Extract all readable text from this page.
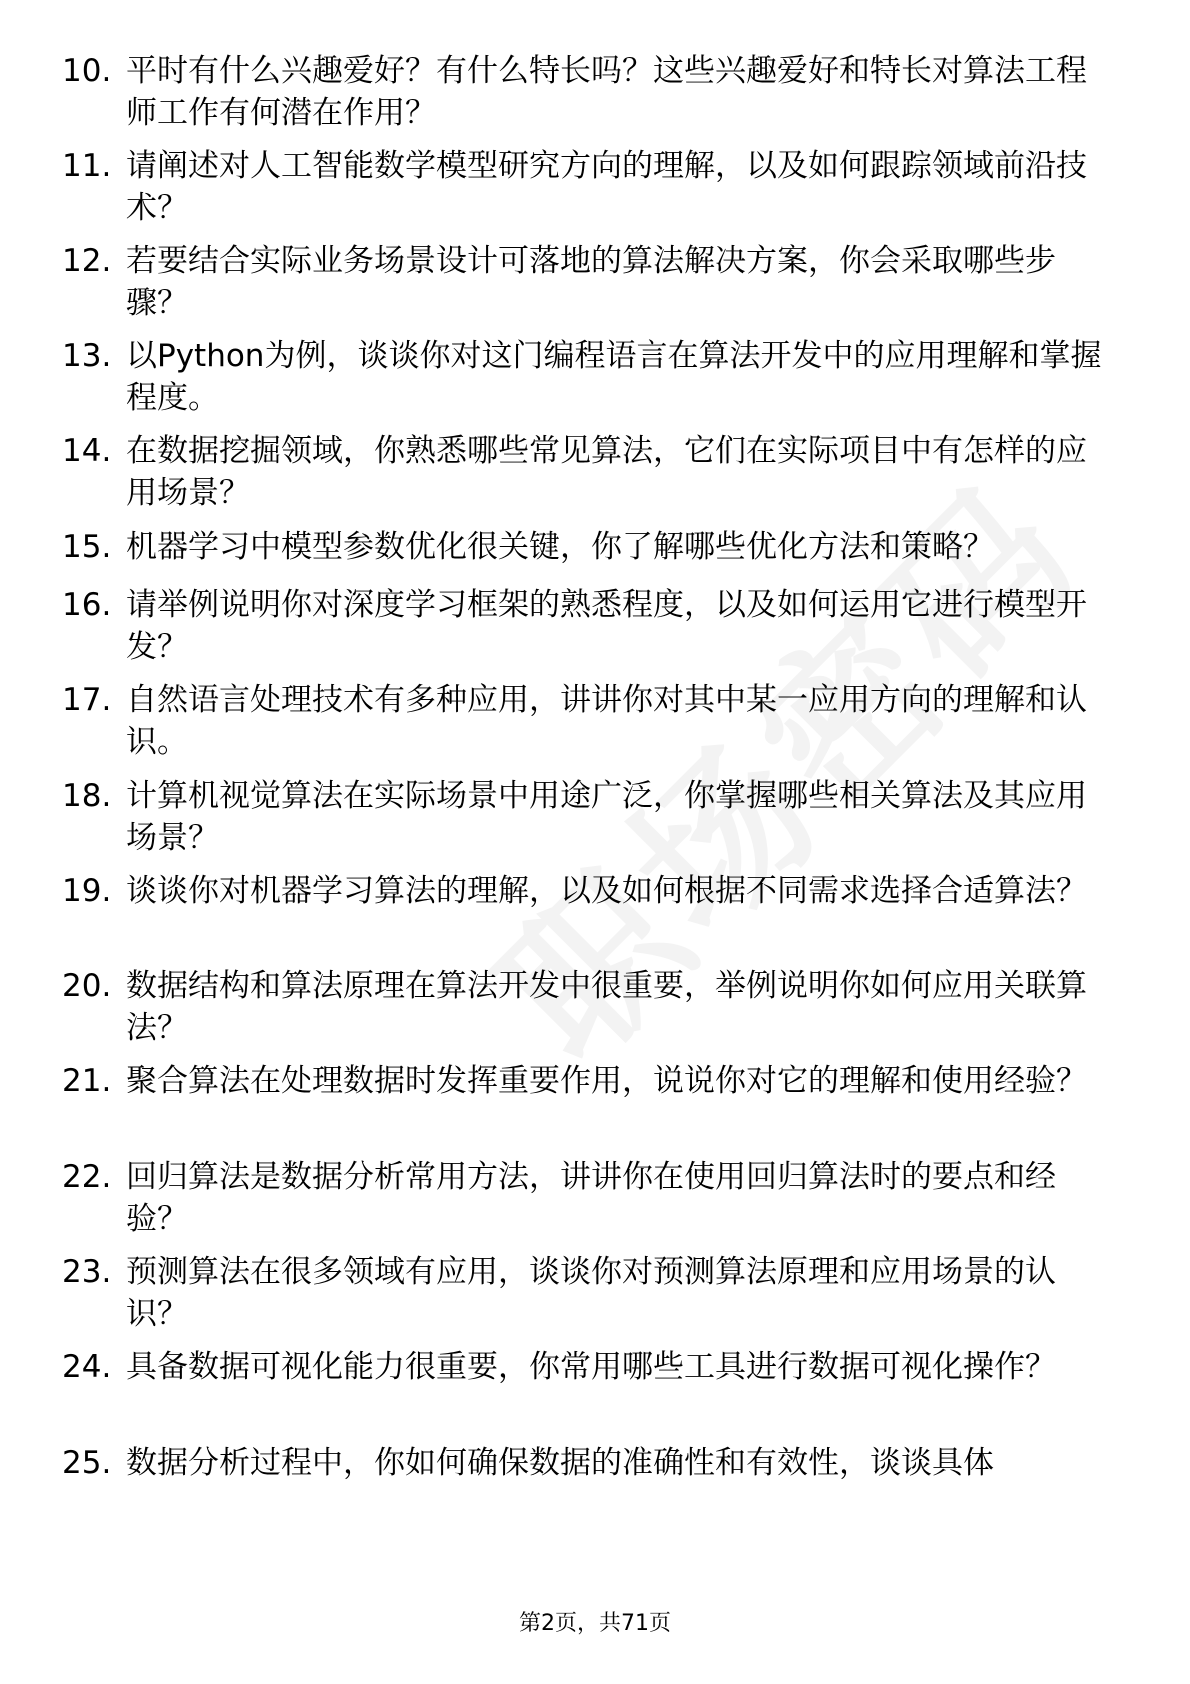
10. 平时有什么兴趣爱好？有什么特长吗？这些兴趣爱好和特长对算法工程师工作有何潜在作用？

11. 请阐述对人工智能数学模型研究方向的理解，以及如何跟踪领域前沿技术？

12. 若要结合实际业务场景设计可落地的算法解决方案，你会采取哪些步骤？

13. 以Python为例，谈谈你对这门编程语言在算法开发中的应用理解和掌握程度。

14. 在数据挖掘领域，你熟悉哪些常见算法，它们在实际项目中有怎样的应用场景？

15. 机器学习中模型参数优化很关键，你了解哪些优化方法和策略？

16. 请举例说明你对深度学习框架的熟悉程度，以及如何运用它进行模型开发？

17. 自然语言处理技术有多种应用，讲讲你对其中某一应用方向的理解和认识。

18. 计算机视觉算法在实际场景中用途广泛，你掌握哪些相关算法及其应用场景？

19. 谈谈你对机器学习算法的理解，以及如何根据不同需求选择合适算法？

20. 数据结构和算法原理在算法开发中很重要，举例说明你如何应用关联算法？

21. 聚合算法在处理数据时发挥重要作用，说说你对它的理解和使用经验？

22. 回归算法是数据分析常用方法，讲讲你在使用回归算法时的要点和经验？

23. 预测算法在很多领域有应用，谈谈你对预测算法原理和应用场景的认识？

24. 具备数据可视化能力很重要，你常用哪些工具进行数据可视化操作？

25. 数据分析过程中，你如何确保数据的准确性和有效性，谈谈具体

第2页，共71页
